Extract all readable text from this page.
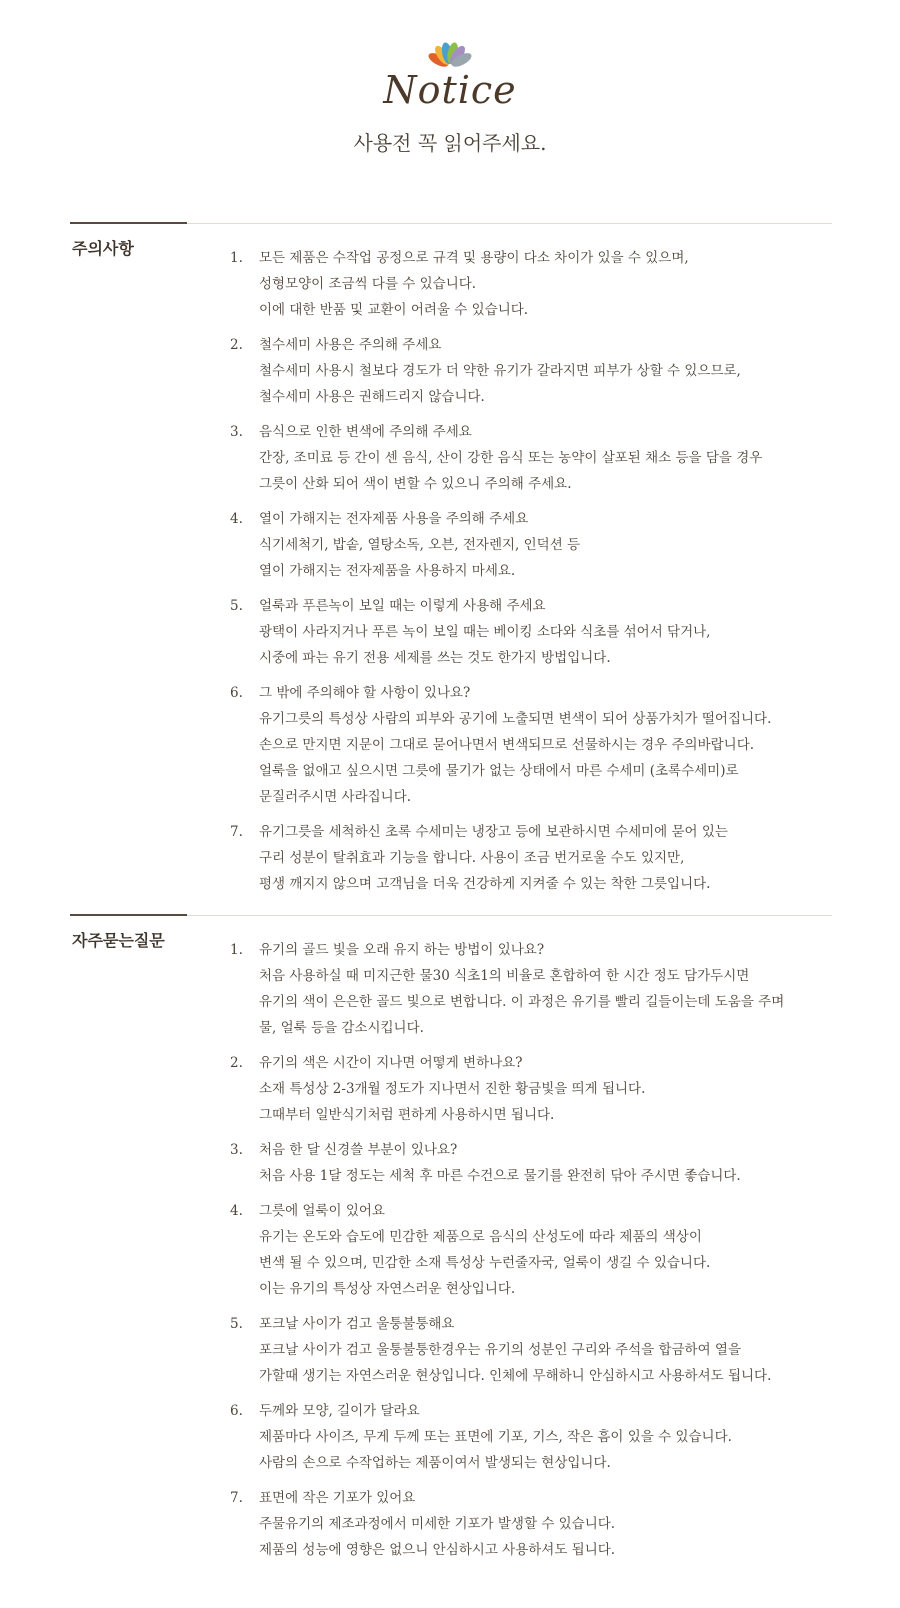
Notice
사용전 꼭 읽어주세요.
주의사항	1. 모든 제품은 수작업 공정으로 규격 및 용량이 다소 차이가 있을 수 있으며,
성형모양이 조금씩 다를 수 있습니다.
이에 대한 반품 및 교환이 어려울 수 있습니다.
2. 철수세미 사용은 주의해 주세요
철수세미 사용시 철보다 경도가 더 약한 유기가 갈라지면 피부가 상할 수 있으므로,
철수세미 사용은 권해드리지 않습니다.
3. 음식으로 인한 변색에 주의해 주세요
간장, 조미료 등 간이 센 음식, 산이 강한 음식 또는 농약이 살포된 채소 등을 담을 경우
그릇이 산화 되어 색이 변할 수 있으니 주의해 주세요.
4. 열이 가해지는 전자제품 사용을 주의해 주세요
식기세척기, 밥솥, 열탕소독, 오븐, 전자렌지, 인덕션 등
열이 가해지는 전자제품을 사용하지 마세요.
5. 얼룩과 푸른녹이 보일 때는 이렇게 사용해 주세요
광택이 사라지거나 푸른 녹이 보일 때는 베이킹 소다와 식초를 섞어서 닦거나,
시중에 파는 유기 전용 세제를 쓰는 것도 한가지 방법입니다.
6. 그 밖에 주의해야 할 사항이 있나요?
유기그릇의 특성상 사람의 피부와 공기에 노출되면 변색이 되어 상품가치가 떨어집니다.
손으로 만지면 지문이 그대로 묻어나면서 변색되므로 선물하시는 경우 주의바랍니다.
얼룩을 없애고 싶으시면 그릇에 물기가 없는 상태에서 마른 수세미 (초록수세미)로
문질러주시면 사라집니다.
7. 유기그릇을 세척하신 초록 수세미는 냉장고 등에 보관하시면 수세미에 묻어 있는
구리 성분이 탈취효과 기능을 합니다. 사용이 조금 번거로울 수도 있지만,
평생 깨지지 않으며 고객님을 더욱 건강하게 지켜줄 수 있는 착한 그릇입니다.
자주묻는질문	1. 유기의 골드 빛을 오래 유지 하는 방법이 있나요?
처음 사용하실 때 미지근한 물30 식초1의 비율로 혼합하여 한 시간 정도 담가두시면
유기의 색이 은은한 골드 빛으로 변합니다. 이 과정은 유기를 빨리 길들이는데 도움을 주며
물, 얼룩 등을 감소시킵니다.
2. 유기의 색은 시간이 지나면 어떻게 변하나요?
소재 특성상 2-3개월 정도가 지나면서 진한 황금빛을 띄게 됩니다.
그때부터 일반식기처럼 편하게 사용하시면 됩니다.
3. 처음 한 달 신경쓸 부분이 있나요?
처음 사용 1달 정도는 세척 후 마른 수건으로 물기를 완전히 닦아 주시면 좋습니다.
4. 그릇에 얼룩이 있어요
유기는 온도와 습도에 민감한 제품으로 음식의 산성도에 따라 제품의 색상이
변색 될 수 있으며, 민감한 소재 특성상 누런줄자국, 얼룩이 생길 수 있습니다.
이는 유기의 특성상 자연스러운 현상입니다.
5. 포크날 사이가 검고 울퉁불퉁해요
포크날 사이가 검고 울퉁불퉁한경우는 유기의 성분인 구리와 주석을 합금하여 열을
가할때 생기는 자연스러운 현상입니다. 인체에 무해하니 안심하시고 사용하셔도 됩니다.
6. 두께와 모양, 길이가 달라요
제품마다 사이즈, 무게 두께 또는 표면에 기포, 기스, 작은 흠이 있을 수 있습니다.
사람의 손으로 수작업하는 제품이여서 발생되는 현상입니다.
7. 표면에 작은 기포가 있어요
주물유기의 제조과정에서 미세한 기포가 발생할 수 있습니다.
제품의 성능에 영향은 없으니 안심하시고 사용하셔도 됩니다.
